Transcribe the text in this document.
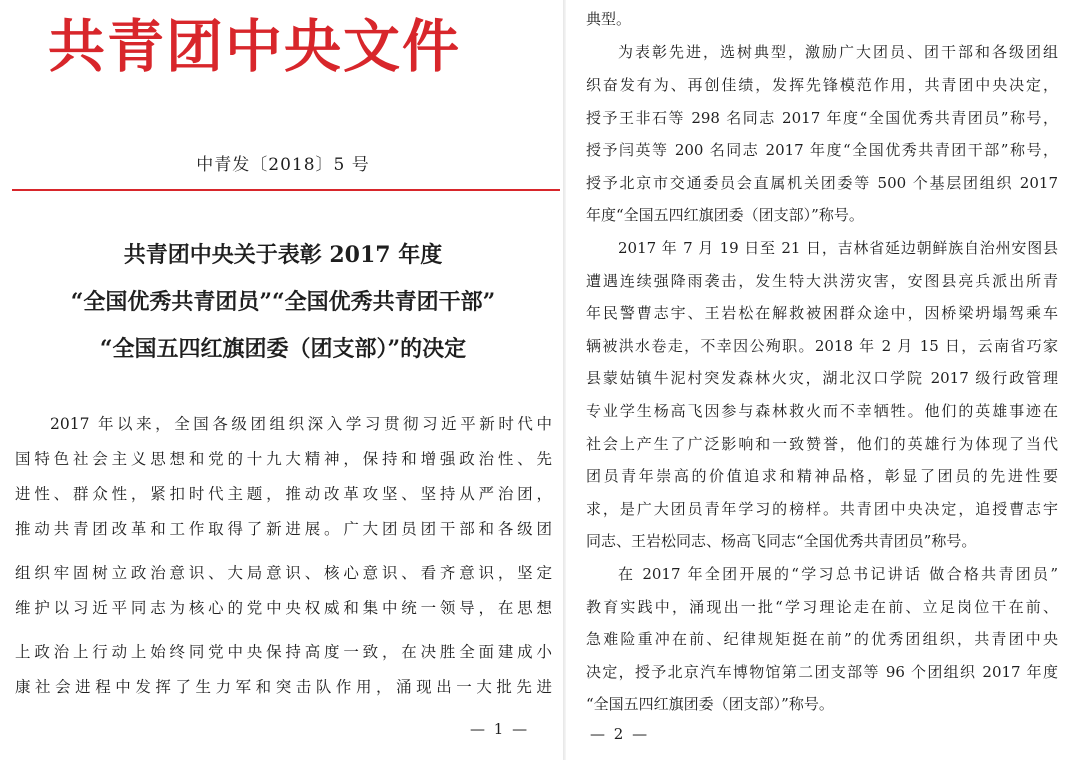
共青团中央文件
中青发〔2018〕5 号
共青团中央关于表彰 2017 年度
“全国优秀共青团员”“全国优秀共青团干部”
“全国五四红旗团委（团支部）”的决定
2017 年以来，全国各级团组织深入学习贯彻习近平新时代中
国特色社会主义思想和党的十九大精神，保持和增强政治性、先
进性、群众性，紧扣时代主题，推动改革攻坚、坚持从严治团，
推动共青团改革和工作取得了新进展。广大团员团干部和各级团
组织牢固树立政治意识、大局意识、核心意识、看齐意识，坚定
维护以习近平同志为核心的党中央权威和集中统一领导，在思想
上政治上行动上始终同党中央保持高度一致，在决胜全面建成小
康社会进程中发挥了生力军和突击队作用，涌现出一大批先进
— 1 —
典型。
为表彰先进，选树典型，激励广大团员、团干部和各级团组
织奋发有为、再创佳绩，发挥先锋模范作用，共青团中央决定，
授予王非石等 298 名同志 2017 年度“全国优秀共青团员”称号，
授予闫英等 200 名同志 2017 年度“全国优秀共青团干部”称号，
授予北京市交通委员会直属机关团委等 500 个基层团组织 2017
年度“全国五四红旗团委（团支部）”称号。
2017 年 7 月 19 日至 21 日，吉林省延边朝鲜族自治州安图县
遭遇连续强降雨袭击，发生特大洪涝灾害，安图县亮兵派出所青
年民警曹志宇、王岩松在解救被困群众途中，因桥梁坍塌驾乘车
辆被洪水卷走，不幸因公殉职。2018 年 2 月 15 日，云南省巧家
县蒙姑镇牛泥村突发森林火灾，湖北汉口学院 2017 级行政管理
专业学生杨高飞因参与森林救火而不幸牺牲。他们的英雄事迹在
社会上产生了广泛影响和一致赞誉，他们的英雄行为体现了当代
团员青年崇高的价值追求和精神品格，彰显了团员的先进性要
求，是广大团员青年学习的榜样。共青团中央决定，追授曹志宇
同志、王岩松同志、杨高飞同志“全国优秀共青团员”称号。
在 2017 年全团开展的“学习总书记讲话 做合格共青团员”
教育实践中，涌现出一批“学习理论走在前、立足岗位干在前、
急难险重冲在前、纪律规矩挺在前”的优秀团组织，共青团中央
决定，授予北京汽车博物馆第二团支部等 96 个团组织 2017 年度
“全国五四红旗团委（团支部）”称号。
— 2 —
